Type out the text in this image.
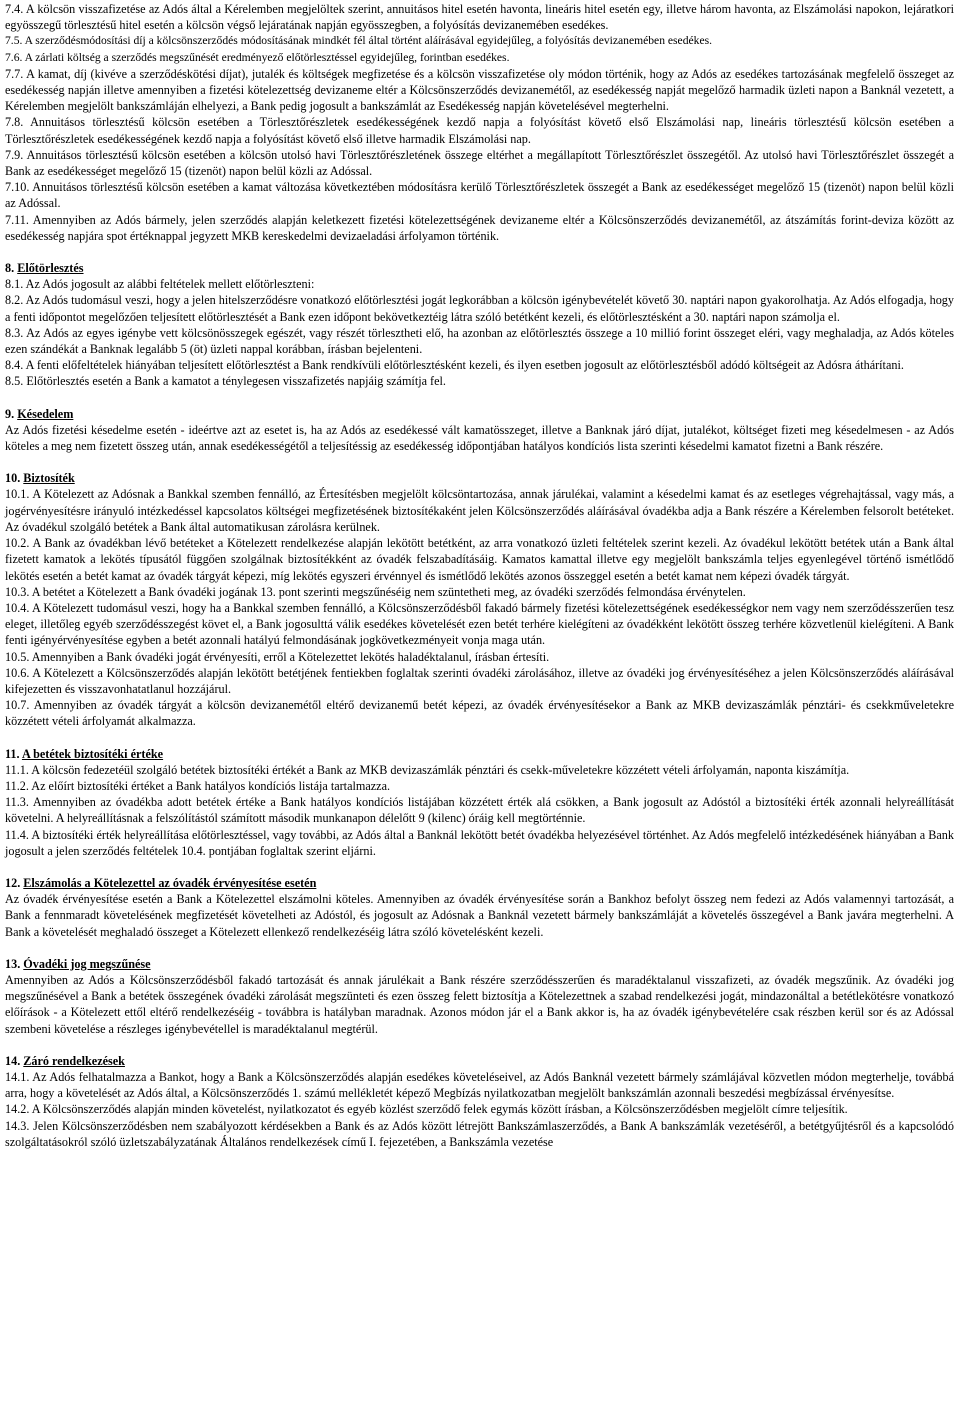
7.4. A kölcsön visszafizetése az Adós által a Kérelemben megjelöltek szerint, annuitásos hitel esetén havonta, lineáris hitel esetén egy, illetve három havonta, az Elszámolási napokon, lejáratkori egyösszegű törlesztésű hitel esetén a kölcsön végső lejáratának napján egyösszegben, a folyósítás devizanemében esedékes.

7.5. A szerződésmódosítási díj a kölcsönszerződés módosításának mindkét fél által történt aláírásával egyidejűleg, a folyósítás devizanemében esedékes.

7.6. A zárlati költség a szerződés megszűnését eredményező előtörlesztéssel egyidejűleg, forintban esedékes.

7.7. A kamat, díj (kivéve a szerződéskötési díjat), jutalék és költségek megfizetése és a kölcsön visszafizetése oly módon történik, hogy az Adós az esedékes tartozásának megfelelő összeget az esedékesség napján illetve amennyiben a fizetési kötelezettség devizaneme eltér a Kölcsönszerződés devizanemétől, az esedékesség napját megelőző harmadik üzleti napon a Banknál vezetett, a Kérelemben megjelölt bankszámláján elhelyezi, a Bank pedig jogosult a bankszámlát az Esedékesség napján követelésével megterhelni.

7.8. Annuitásos törlesztésű kölcsön esetében a Törlesztőrészletek esedékességének kezdő napja a folyósítást követő első Elszámolási nap, lineáris törlesztésű kölcsön esetében a Törlesztőrészletek esedékességének kezdő napja a folyósítást követő első illetve harmadik Elszámolási nap.

7.9. Annuitásos törlesztésű kölcsön esetében a kölcsön utolsó havi Törlesztőrészletének összege eltérhet a megállapított Törlesztőrészlet összegétől. Az utolsó havi Törlesztőrészlet összegét a Bank az esedékességet megelőző 15 (tizenöt) napon belül közli az Adóssal.

7.10. Annuitásos törlesztésű kölcsön esetében a kamat változása következtében módosításra kerülő Törlesztőrészletek összegét a Bank az esedékességet megelőző 15 (tizenöt) napon belül közli az Adóssal.

7.11. Amennyiben az Adós bármely, jelen szerződés alapján keletkezett fizetési kötelezettségének devizaneme eltér a Kölcsönszerződés devizanemétől, az átszámítás forint-deviza között az esedékesség napjára spot értéknappal jegyzett MKB kereskedelmi devizaeladási árfolyamon történik.

8. Előtörlesztés

8.1. Az Adós jogosult az alábbi feltételek mellett előtörleszteni:

8.2. Az Adós tudomásul veszi, hogy a jelen hitelszerződésre vonatkozó előtörlesztési jogát legkorábban a kölcsön igénybevételét követő 30. naptári napon gyakorolhatja. Az Adós elfogadja, hogy a fenti időpontot megelőzően teljesített előtörlesztését a Bank ezen időpont bekövetkeztéig látra szóló betétként kezeli, és előtörlesztésként a 30. naptári napon számolja el.

8.3. Az Adós az egyes igénybe vett kölcsönösszegek egészét, vagy részét törlesztheti elő, ha azonban az előtörlesztés összege a 10 millió forint összeget eléri, vagy meghaladja, az Adós köteles ezen szándékát a Banknak legalább 5 (öt) üzleti nappal korábban, írásban bejelenteni.

8.4. A fenti előfeltételek hiányában teljesített előtörlesztést a Bank rendkívüli előtörlesztésként kezeli, és ilyen esetben jogosult az előtörlesztésből adódó költségeit az Adósra áthárítani.

8.5. Előtörlesztés esetén a Bank a kamatot a ténylegesen visszafizetés napjáig számítja fel.

9. Késedelem

Az Adós fizetési késedelme esetén - ideértve azt az esetet is, ha az Adós az esedékessé vált kamatösszeget, illetve a Banknak járó díjat, jutalékot, költséget fizeti meg késedelmesen - az Adós köteles a meg nem fizetett összeg után, annak esedékességétől a teljesítéssig az esedékesség időpontjában hatályos kondíciós lista szerinti késedelmi kamatot fizetni a Bank részére.

10. Biztosíték

10.1. A Kötelezett az Adósnak a Bankkal szemben fennálló, az Értesítésben megjelölt kölcsöntartozása, annak járulékai, valamint a késedelmi kamat és az esetleges végrehajtással, vagy más, a jogérvényesítésre irányuló intézkedéssel kapcsolatos költségei megfizetésének biztosítékaként jelen Kölcsönszerződés aláírásával óvadékba adja a Bank részére a Kérelemben felsorolt betéteket. Az óvadékul szolgáló betétek a Bank által automatikusan zárolásra kerülnek.

10.2. A Bank az óvadékban lévő betéteket a Kötelezett rendelkezése alapján lekötött betétként, az arra vonatkozó üzleti feltételek szerint kezeli. Az óvadékul lekötött betétek után a Bank által fizetett kamatok a lekötés típusától függően szolgálnak biztosítékként az óvadék felszabadításáig. Kamatos kamattal illetve egy megjelölt bankszámla teljes egyenlegével történő ismétlődő lekötés esetén a betét kamat az óvadék tárgyát képezi, míg lekötés egyszeri érvénnyel és ismétlődő lekötés azonos összeggel esetén a betét kamat nem képezi óvadék tárgyát.

10.3. A betétet a Kötelezett a Bank óvadéki jogának 13. pont szerinti megszűnéséig nem szüntetheti meg, az óvadéki szerződés felmondása érvénytelen.

10.4. A Kötelezett tudomásul veszi, hogy ha a Bankkal szemben fennálló, a Kölcsönszerződésből fakadó bármely fizetési kötelezettségének esedékességkor nem vagy nem szerződésszerűen tesz eleget, illetőleg egyéb szerződésszegést követ el, a Bank jogosulttá válik esedékes követelését ezen betét terhére kielégíteni az óvadékként lekötött összeg terhére közvetlenül kielégíteni. A Bank fenti igényérvényesítése egyben a betét azonnali hatályú felmondásának jogkövetkezményeit vonja maga után.

10.5. Amennyiben a Bank óvadéki jogát érvényesíti, erről a Kötelezettet lekötés haladéktalanul, írásban értesíti.

10.6. A Kötelezett a Kölcsönszerződés alapján lekötött betétjének fentiekben foglaltak szerinti óvadéki zárolásához, illetve az óvadéki jog érvényesítéséhez a jelen Kölcsönszerződés aláírásával kifejezetten és visszavonhatatlanul hozzájárul.

10.7. Amennyiben az óvadék tárgyát a kölcsön devizanemétől eltérő devizanemű betét képezi, az óvadék érvényesítésekor a Bank az MKB devizaszámlák pénztári- és csekkműveletekre közzétett vételi árfolyamát alkalmazza.

11. A betétek biztosítéki értéke

11.1. A kölcsön fedezetéül szolgáló betétek biztosítéki értékét a Bank az MKB devizaszámlák pénztári és csekk-műveletekre közzétett vételi árfolyamán, naponta kiszámítja.

11.2. Az előírt biztosítéki értéket a Bank hatályos kondíciós listája tartalmazza.

11.3. Amennyiben az óvadékba adott betétek értéke a Bank hatályos kondíciós listájában közzétett érték alá csökken, a Bank jogosult az Adóstól a biztosítéki érték azonnali helyreállítását követelni. A helyreállításnak a felszólítástól számított második munkanapon délelőtt 9 (kilenc) óráig kell megtörténnie.

11.4. A biztosítéki érték helyreállítása előtörlesztéssel, vagy további, az Adós által a Banknál lekötött betét óvadékba helyezésével történhet. Az Adós megfelelő intézkedésének hiányában a Bank jogosult a jelen szerződés feltételek 10.4. pontjában foglaltak szerint eljárni.

12. Elszámolás a Kötelezettel az óvadék érvényesítése esetén

Az óvadék érvényesítése esetén a Bank a Kötelezettel elszámolni köteles. Amennyiben az óvadék érvényesítése során a Bankhoz befolyt összeg nem fedezi az Adós valamennyi tartozását, a Bank a fennmaradt követelésének megfizetését követelheti az Adóstól, és jogosult az Adósnak a Banknál vezetett bármely bankszámláját a követelés összegével a Bank javára megterhelni. A Bank a követelését meghaladó összeget a Kötelezett ellenkező rendelkezéséig látra szóló követelésként kezeli.

13. Óvadéki jog megszűnése

Amennyiben az Adós a Kölcsönszerződésből fakadó tartozását és annak járulékait a Bank részére szerződésszerűen és maradéktalanul visszafizeti, az óvadék megszűnik. Az óvadéki jog megszűnésével a Bank a betétek összegének óvadéki zárolását megszünteti és ezen összeg felett biztosítja a Kötelezettnek a szabad rendelkezési jogát, mindazonáltal a betétlekötésre vonatkozó előírások - a Kötelezett ettől eltérő rendelkezéséig - továbbra is hatályban maradnak. Azonos módon jár el a Bank akkor is, ha az óvadék igénybevételére csak részben kerül sor és az Adóssal szembeni követelése a részleges igénybevétellel is maradéktalanul megtérül.

14. Záró rendelkezések

14.1. Az Adós felhatalmazza a Bankot, hogy a Bank a Kölcsönszerződés alapján esedékes követeléseivel, az Adós Banknál vezetett bármely számlájával közvetlen módon megterhelje, továbbá arra, hogy a követelését az Adós által, a Kölcsönszerződés 1. számú mellékletét képező Megbízás nyilatkozatban megjelölt bankszámlán azonnali beszedési megbízással érvényesítse.

14.2. A Kölcsönszerződés alapján minden követelést, nyilatkozatot és egyéb közlést szerződő felek egymás között írásban, a Kölcsönszerződésben megjelölt címre teljesítik.

14.3. Jelen Kölcsönszerződésben nem szabályozott kérdésekben a Bank és az Adós között létrejött Bankszámlaszerződés, a Bank A bankszámlák vezetéséről, a betétgyűjtésről és a kapcsolódó szolgáltatásokról szóló üzletszabályzatának Általános rendelkezések című I. fejezetében, a Bankszámla vezetése
